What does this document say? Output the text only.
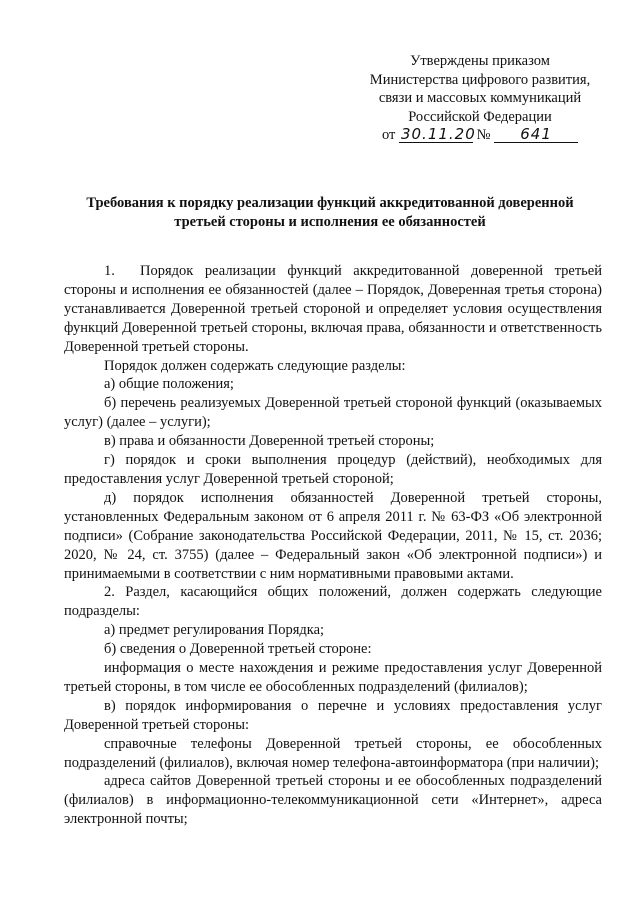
Утверждены приказом
Министерства цифрового развития,
связи и массовых коммуникаций
Российской Федерации
от 30.11.20 № 641
Требования к порядку реализации функций аккредитованной доверенной третьей стороны и исполнения ее обязанностей

1. Порядок реализации функций аккредитованной доверенной третьей стороны и исполнения ее обязанностей (далее – Порядок, Доверенная третья сторона) устанавливается Доверенной третьей стороной и определяет условия осуществления функций Доверенной третьей стороны, включая права, обязанности и ответственность Доверенной третьей стороны.

Порядок должен содержать следующие разделы:

а) общие положения;

б) перечень реализуемых Доверенной третьей стороной функций (оказываемых услуг) (далее – услуги);

в) права и обязанности Доверенной третьей стороны;

г) порядок и сроки выполнения процедур (действий), необходимых для предоставления услуг Доверенной третьей стороной;

д) порядок исполнения обязанностей Доверенной третьей стороны, установленных Федеральным законом от 6 апреля 2011 г. № 63-ФЗ «Об электронной подписи» (Собрание законодательства Российской Федерации, 2011, № 15, ст. 2036; 2020, № 24, ст. 3755) (далее – Федеральный закон «Об электронной подписи») и принимаемыми в соответствии с ним нормативными правовыми актами.

2. Раздел, касающийся общих положений, должен содержать следующие подразделы:

а) предмет регулирования Порядка;

б) сведения о Доверенной третьей стороне:

информация о месте нахождения и режиме предоставления услуг Доверенной третьей стороны, в том числе ее обособленных подразделений (филиалов);

в) порядок информирования о перечне и условиях предоставления услуг Доверенной третьей стороны:

справочные телефоны Доверенной третьей стороны, ее обособленных подразделений (филиалов), включая номер телефона-автоинформатора (при наличии);

адреса сайтов Доверенной третьей стороны и ее обособленных подразделений (филиалов) в информационно-телекоммуникационной сети «Интернет», адреса электронной почты;
